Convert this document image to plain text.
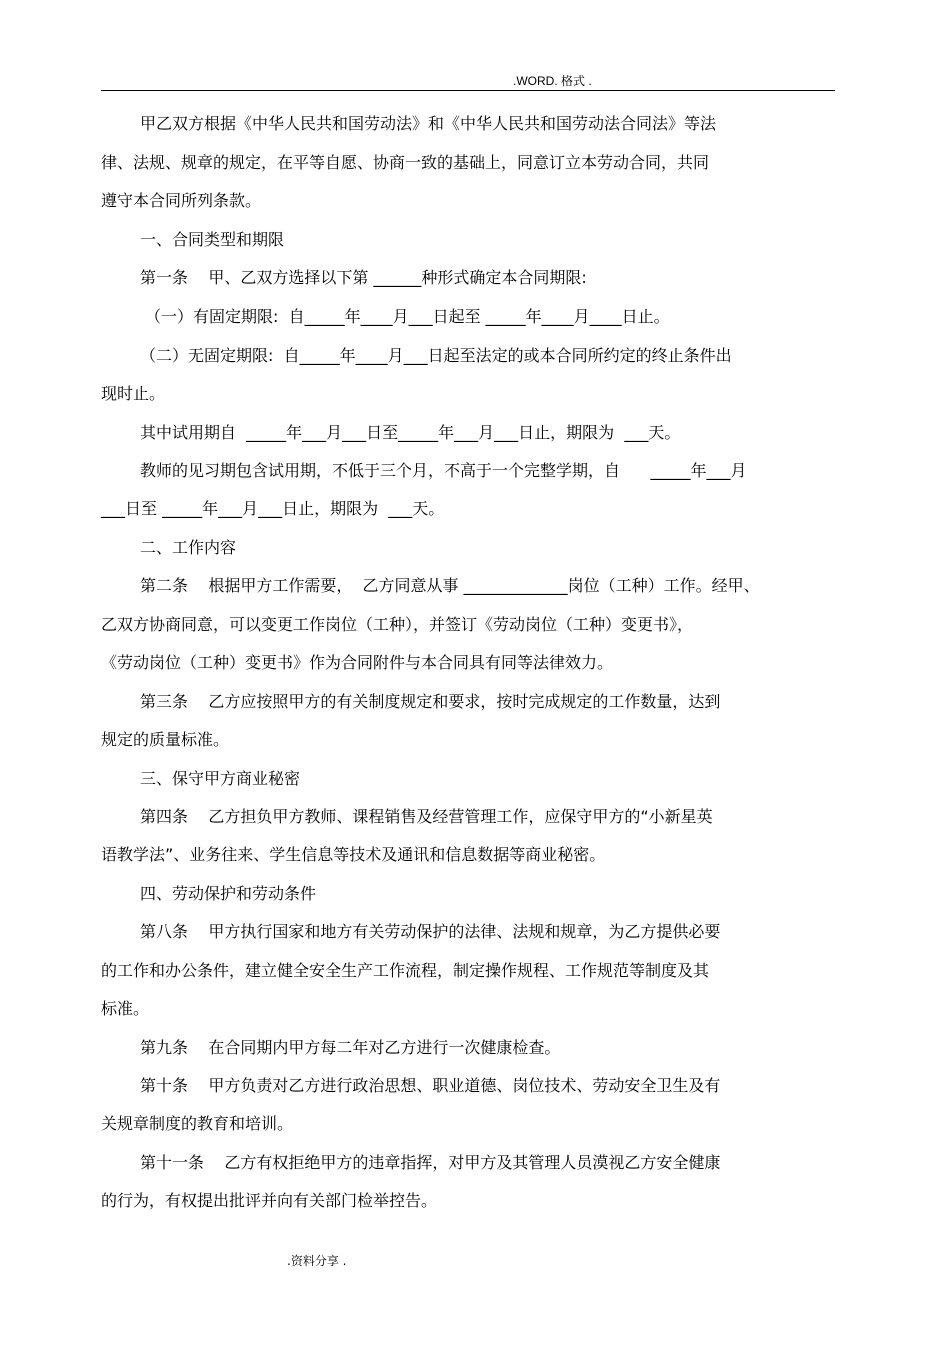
.WORD. 格式 .
甲乙双方根据《中华人民共和国劳动法》和《中华人民共和国劳动法合同法》等法
律、法规、规章的规定，在平等自愿、协商一致的基础上，同意订立本劳动合同，共同
遵守本合同所列条款。
一、合同类型和期限
第一条    甲、乙双方选择以下第 ______种形式确定本合同期限:
（一）有固定期限:  自_____年____月___日起至 _____年____月____日止。
（二）无固定期限:  自_____年____月___日起至法定的或本合同所约定的终止条件出
现时止。
其中试用期自  _____年___月___日至_____年___月___日止，期限为  ___天。
教师的见习期包含试用期，不低于三个月，不高于一个完整学期，自      _____年___月
___日至 _____年___月___日止，期限为  ___天。
二、工作内容
第二条    根据甲方工作需要，  乙方同意从事 _____________岗位（工种）工作。经甲、
乙双方协商同意，可以变更工作岗位（工种），并签订《劳动岗位（工种）变更书》，
《劳动岗位（工种）变更书》作为合同附件与本合同具有同等法律效力。
第三条    乙方应按照甲方的有关制度规定和要求，按时完成规定的工作数量，达到
规定的质量标准。
三、保守甲方商业秘密
第四条    乙方担负甲方教师、课程销售及经营管理工作，应保守甲方的“小新星英
语教学法”、业务往来、学生信息等技术及通讯和信息数据等商业秘密。
四、劳动保护和劳动条件
第八条    甲方执行国家和地方有关劳动保护的法律、法规和规章，为乙方提供必要
的工作和办公条件，建立健全安全生产工作流程，制定操作规程、工作规范等制度及其
标准。
第九条    在合同期内甲方每二年对乙方进行一次健康检查。
第十条    甲方负责对乙方进行政治思想、职业道德、岗位技术、劳动安全卫生及有
关规章制度的教育和培训。
第十一条    乙方有权拒绝甲方的违章指挥，对甲方及其管理人员漠视乙方安全健康
的行为，有权提出批评并向有关部门检举控告。
.资料分享 .
